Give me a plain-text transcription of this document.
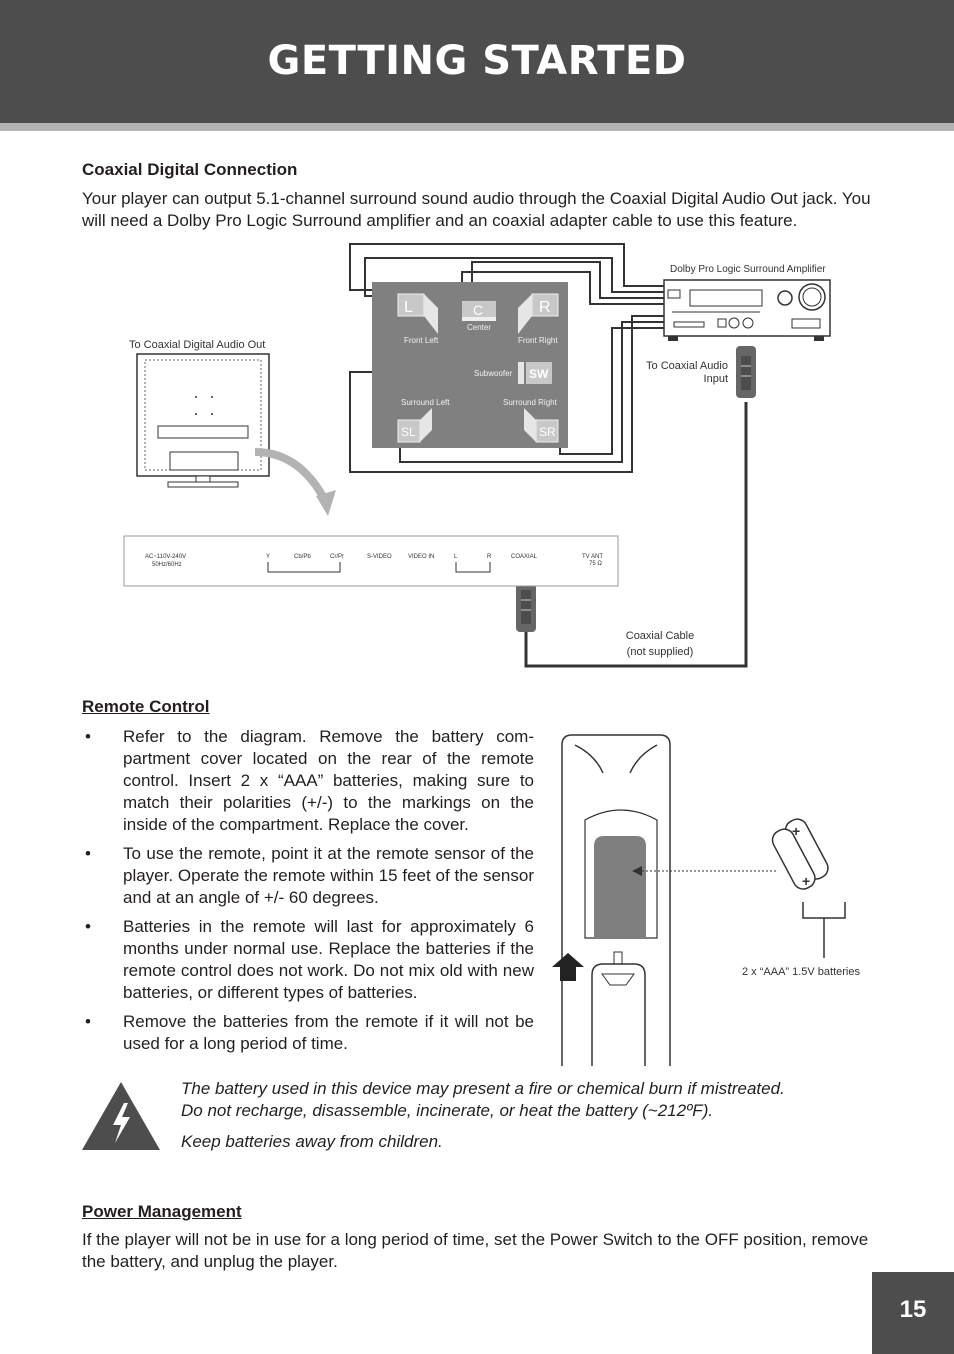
GETTING STARTED
Coaxial Digital Connection
Your player can output 5.1-channel surround sound audio through the Coaxial Digital Audio Out jack. You will need a Dolby Pro Logic Surround amplifier and an coaxial adapter cable to use this feature.
L	R
C
SW
SL	SR
Front Left	Front Right
Center
Subwoofer
Surround Left	Surround Right
AC~110V-240V
50Hz/60Hz
Y	Cb/Pb	Cr/Pr	S-VIDEO	VIDEO IN	L	R	COAXIAL	TV ANT
75 Ω
+
+
Dolby Pro Logic Surround Amplifier
To Coaxial Digital Audio Out
To Coaxial Audio
Input
Coaxial Cable
(not supplied)
Remote Control
• Refer to the diagram. Remove the battery com-partment cover located on the rear of the remote control. Insert 2 x “AAA” batteries, making sure to match their polarities (+/-) to the markings on the inside of the compartment. Replace the cover.
• To use the remote, point it at the remote sensor of the player. Operate the remote within 15 feet of the sensor and at an angle of +/- 60 degrees.
• Batteries in the remote will last for approximately 6 months under normal use. Replace the batteries if the remote control does not work. Do not mix old with new batteries, or different types of batteries.
• Remove the batteries from the remote if it will not be used for a long period of time.
2 x “AAA” 1.5V batteries

The battery used in this device may present a fire or chemical burn if mistreated.
Do not recharge, disassemble, incinerate, or heat the battery (~212ºF).

Keep batteries away from children.

Power Management
If the player will not be in use for a long period of time, set the Power Switch to the OFF position, remove the battery, and unplug the player.
15
